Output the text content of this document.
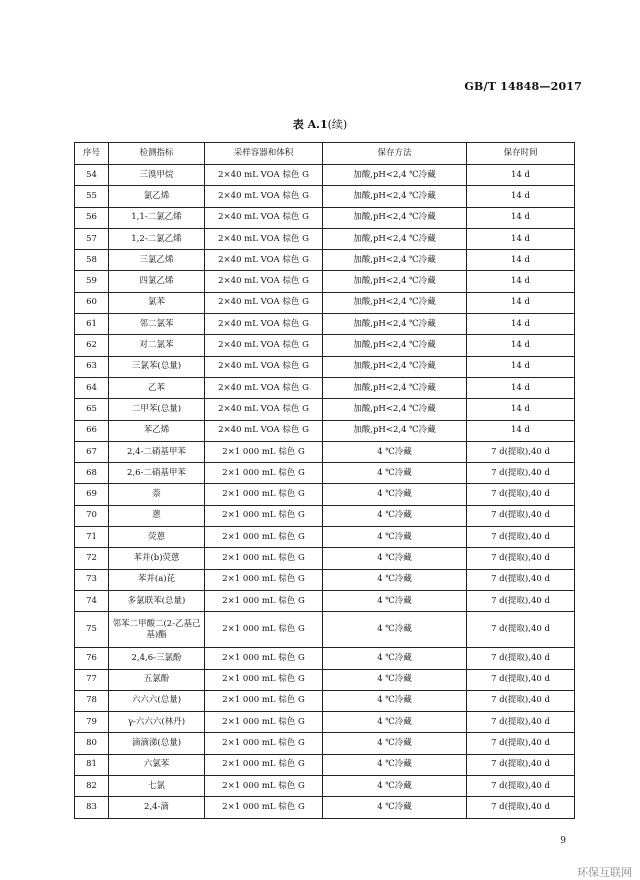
GB/T 14848—2017
表 A.1(续)
序号	检测指标	采样容器和体积	保存方法	保存时间
54	三溴甲烷	2×40 mL VOA 棕色 G	加酸,pH<2,4 ℃冷藏	14 d
55	氯乙烯	2×40 mL VOA 棕色 G	加酸,pH<2,4 ℃冷藏	14 d
56	1,1-二氯乙烯	2×40 mL VOA 棕色 G	加酸,pH<2,4 ℃冷藏	14 d
57	1,2-二氯乙烯	2×40 mL VOA 棕色 G	加酸,pH<2,4 ℃冷藏	14 d
58	三氯乙烯	2×40 mL VOA 棕色 G	加酸,pH<2,4 ℃冷藏	14 d
59	四氯乙烯	2×40 mL VOA 棕色 G	加酸,pH<2,4 ℃冷藏	14 d
60	氯苯	2×40 mL VOA 棕色 G	加酸,pH<2,4 ℃冷藏	14 d
61	邻二氯苯	2×40 mL VOA 棕色 G	加酸,pH<2,4 ℃冷藏	14 d
62	对二氯苯	2×40 mL VOA 棕色 G	加酸,pH<2,4 ℃冷藏	14 d
63	三氯苯(总量)	2×40 mL VOA 棕色 G	加酸,pH<2,4 ℃冷藏	14 d
64	乙苯	2×40 mL VOA 棕色 G	加酸,pH<2,4 ℃冷藏	14 d
65	二甲苯(总量)	2×40 mL VOA 棕色 G	加酸,pH<2,4 ℃冷藏	14 d
66	苯乙烯	2×40 mL VOA 棕色 G	加酸,pH<2,4 ℃冷藏	14 d
67	2,4-二硝基甲苯	2×1 000 mL 棕色 G	4 ℃冷藏	7 d(提取),40 d
68	2,6-二硝基甲苯	2×1 000 mL 棕色 G	4 ℃冷藏	7 d(提取),40 d
69	萘	2×1 000 mL 棕色 G	4 ℃冷藏	7 d(提取),40 d
70	蒽	2×1 000 mL 棕色 G	4 ℃冷藏	7 d(提取),40 d
71	荧蒽	2×1 000 mL 棕色 G	4 ℃冷藏	7 d(提取),40 d
72	苯并(b)荧蒽	2×1 000 mL 棕色 G	4 ℃冷藏	7 d(提取),40 d
73	苯并(a)芘	2×1 000 mL 棕色 G	4 ℃冷藏	7 d(提取),40 d
74	多氯联苯(总量)	2×1 000 mL 棕色 G	4 ℃冷藏	7 d(提取),40 d
75	邻苯二甲酸二(2-乙基己基)酯	2×1 000 mL 棕色 G	4 ℃冷藏	7 d(提取),40 d
76	2,4,6-三氯酚	2×1 000 mL 棕色 G	4 ℃冷藏	7 d(提取),40 d
77	五氯酚	2×1 000 mL 棕色 G	4 ℃冷藏	7 d(提取),40 d
78	六六六(总量)	2×1 000 mL 棕色 G	4 ℃冷藏	7 d(提取),40 d
79	γ-六六六(林丹)	2×1 000 mL 棕色 G	4 ℃冷藏	7 d(提取),40 d
80	滴滴涕(总量)	2×1 000 mL 棕色 G	4 ℃冷藏	7 d(提取),40 d
81	六氯苯	2×1 000 mL 棕色 G	4 ℃冷藏	7 d(提取),40 d
82	七氯	2×1 000 mL 棕色 G	4 ℃冷藏	7 d(提取),40 d
83	2,4-滴	2×1 000 mL 棕色 G	4 ℃冷藏	7 d(提取),40 d
9
环保互联网
